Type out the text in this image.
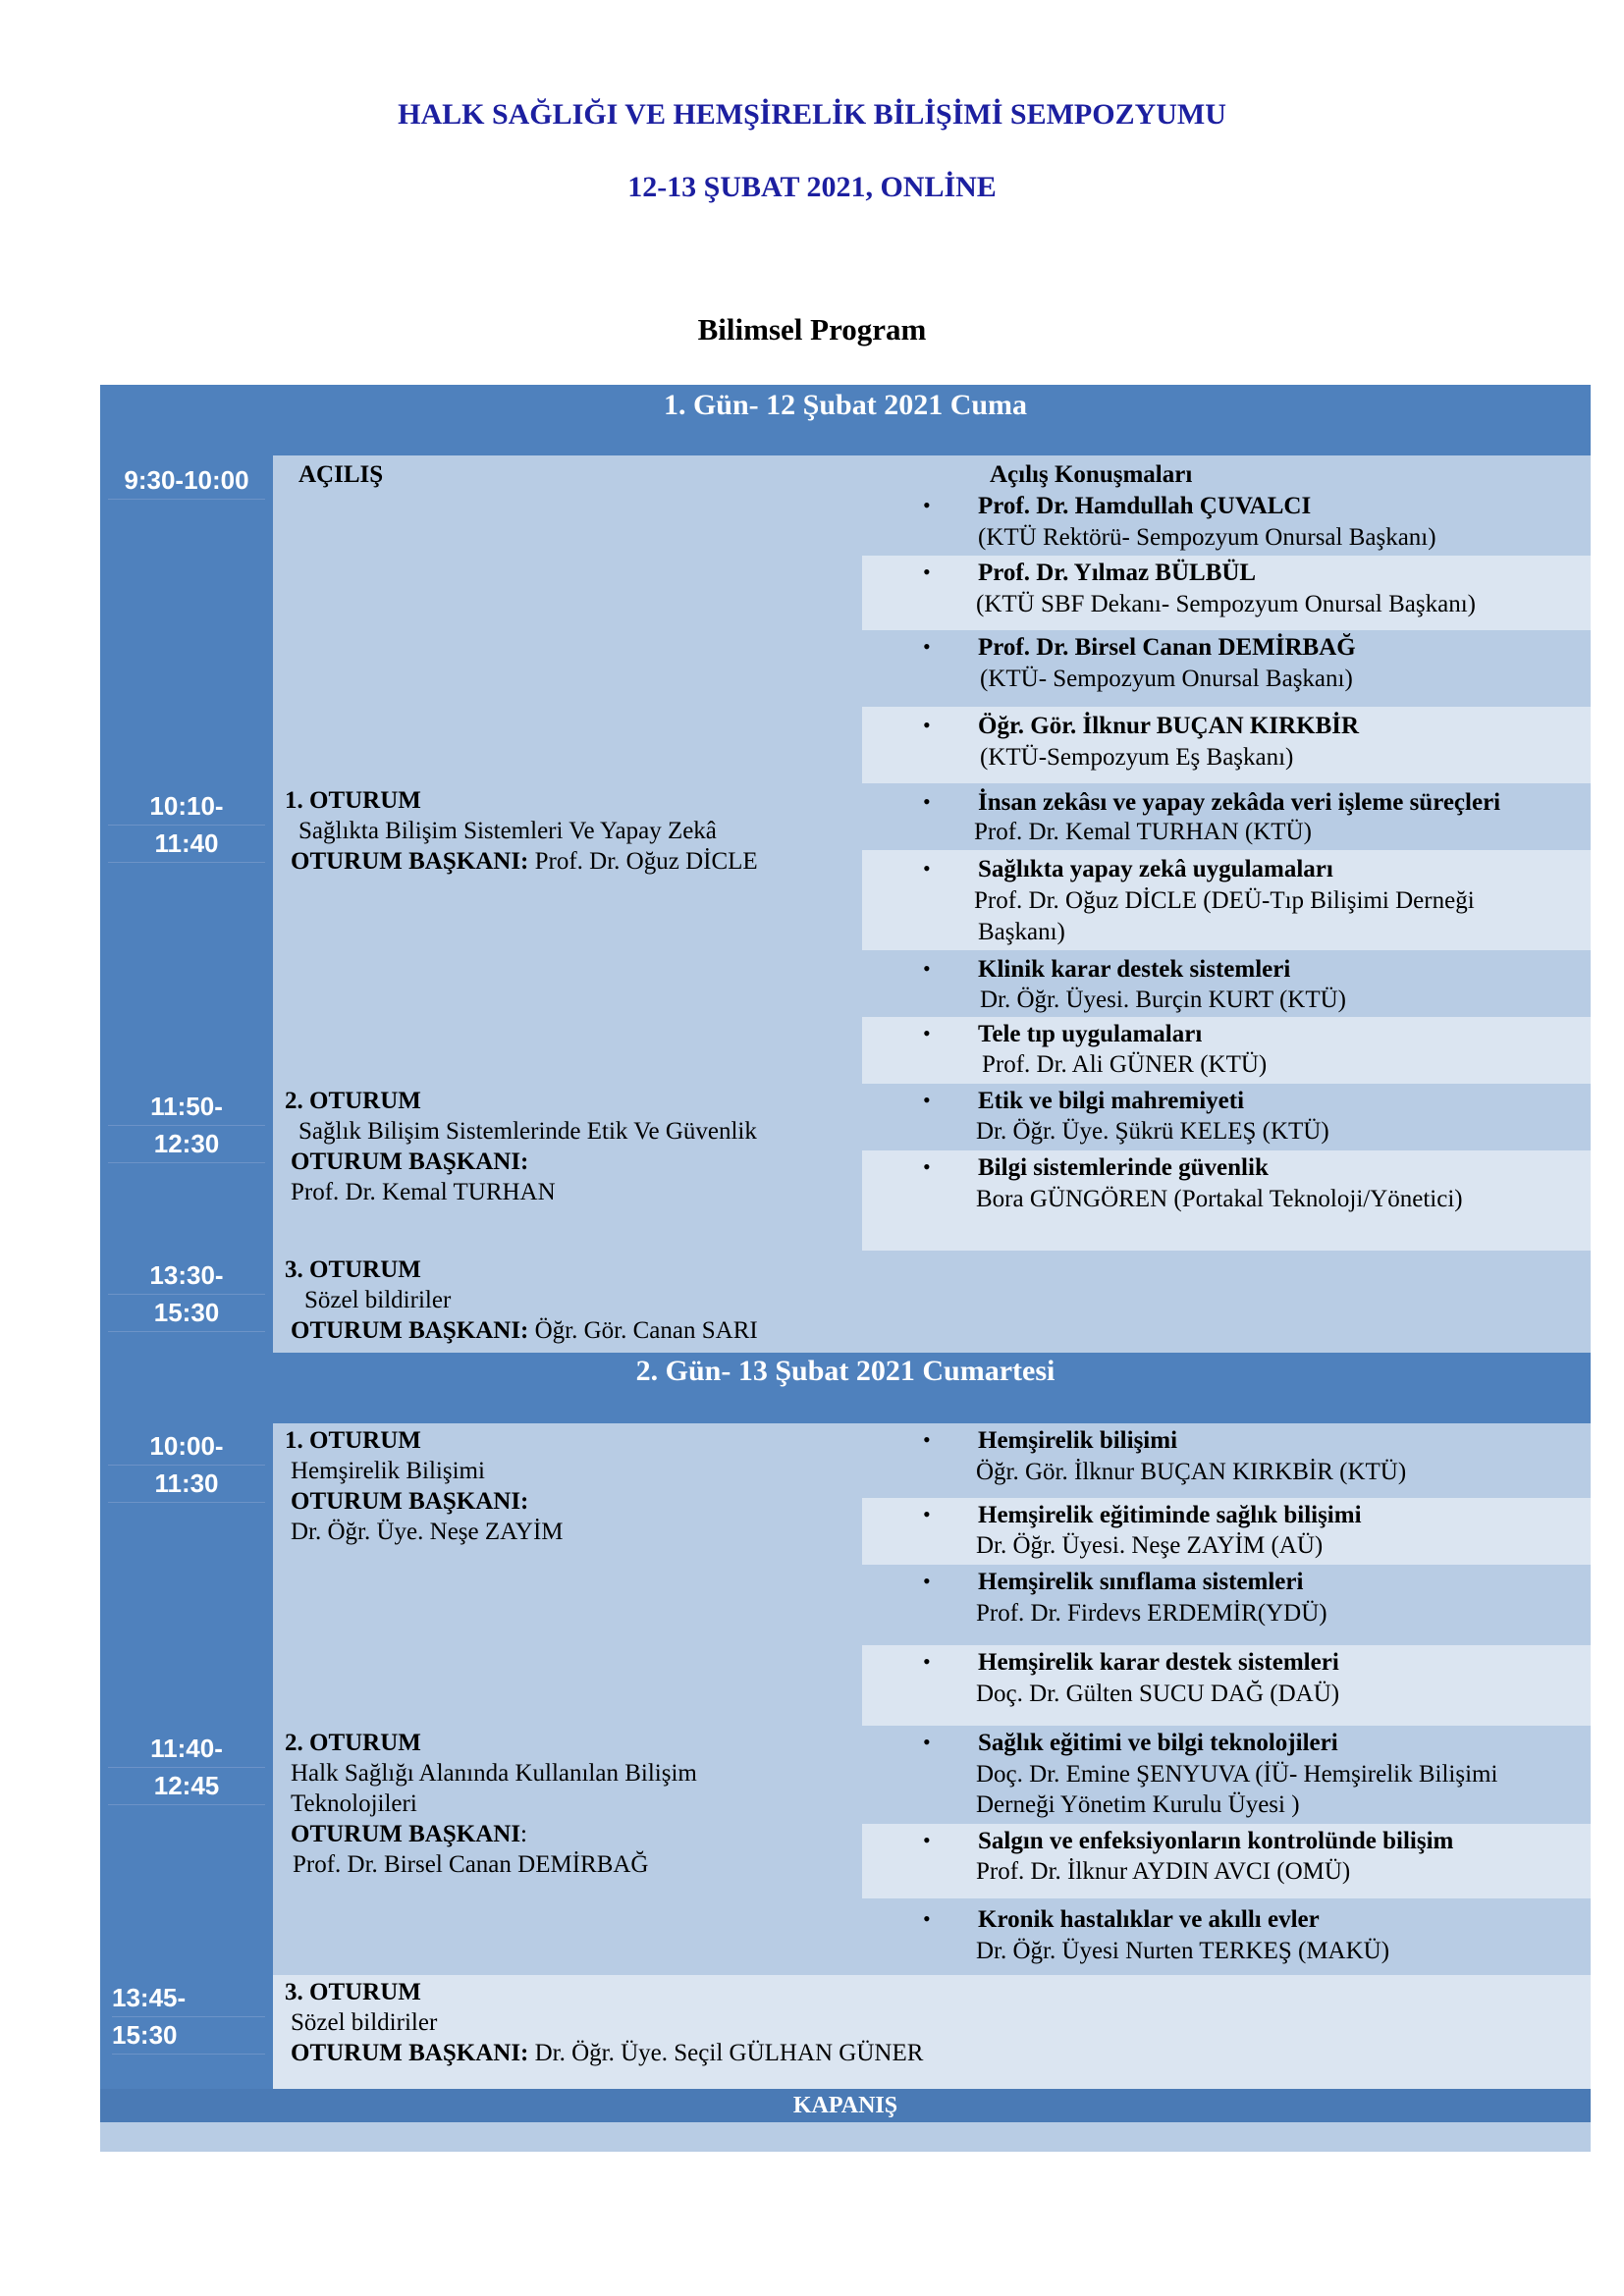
HALK SAĞLIĞI VE HEMŞİRELİK BİLİŞİMİ SEMPOZYUMU
12-13 ŞUBAT 2021, ONLİNE
Bilimsel Program
1. Gün- 12 Şubat 2021 Cuma
9:30-10:00	AÇILIŞ	Açılış Konuşmaları
• Prof. Dr. Hamdullah ÇUVALCI
(KTÜ Rektörü- Sempozyum Onursal Başkanı)
• Prof. Dr. Yılmaz BÜLBÜL
(KTÜ SBF Dekanı- Sempozyum Onursal Başkanı)
• Prof. Dr. Birsel Canan DEMİRBAĞ
(KTÜ- Sempozyum Onursal Başkanı)
• Öğr. Gör. İlknur BUÇAN KIRKBİR
(KTÜ-Sempozyum Eş Başkanı)
10:10-
11:40
1. OTURUM
Sağlıkta Bilişim Sistemleri Ve Yapay Zekâ
OTURUM BAŞKANI: Prof. Dr. Oğuz DİCLE
• İnsan zekâsı ve yapay zekâda veri işleme süreçleri
Prof. Dr. Kemal TURHAN (KTÜ)
• Sağlıkta yapay zekâ uygulamaları
Prof. Dr. Oğuz DİCLE (DEÜ-Tıp Bilişimi Derneği
Başkanı)
• Klinik karar destek sistemleri
Dr. Öğr. Üyesi. Burçin KURT (KTÜ)
• Tele tıp uygulamaları
Prof. Dr. Ali GÜNER (KTÜ)
11:50-
12:30
2. OTURUM
Sağlık Bilişim Sistemlerinde Etik Ve Güvenlik
OTURUM BAŞKANI:
Prof. Dr. Kemal TURHAN
• Etik ve bilgi mahremiyeti
Dr. Öğr. Üye. Şükrü KELEŞ (KTÜ)
• Bilgi sistemlerinde güvenlik
Bora GÜNGÖREN (Portakal Teknoloji/Yönetici)
13:30-
15:30
3. OTURUM
Sözel bildiriler
OTURUM BAŞKANI: Öğr. Gör. Canan SARI
2. Gün- 13 Şubat 2021 Cumartesi
10:00-
11:30
1. OTURUM
Hemşirelik Bilişimi
OTURUM BAŞKANI:
Dr. Öğr. Üye. Neşe ZAYİM
• Hemşirelik bilişimi
Öğr. Gör. İlknur BUÇAN KIRKBİR (KTÜ)
• Hemşirelik eğitiminde sağlık bilişimi
Dr. Öğr. Üyesi. Neşe ZAYİM (AÜ)
• Hemşirelik sınıflama sistemleri
Prof. Dr. Firdevs ERDEMİR(YDÜ)
• Hemşirelik karar destek sistemleri
Doç. Dr. Gülten SUCU DAĞ (DAÜ)
11:40-
12:45
2. OTURUM
Halk Sağlığı Alanında Kullanılan Bilişim
Teknolojileri
OTURUM BAŞKANI:
Prof. Dr. Birsel Canan DEMİRBAĞ
• Sağlık eğitimi ve bilgi teknolojileri
Doç. Dr. Emine ŞENYUVA (İÜ- Hemşirelik Bilişimi
Derneği Yönetim Kurulu Üyesi )
• Salgın ve enfeksiyonların kontrolünde bilişim
Prof. Dr. İlknur AYDIN AVCI (OMÜ)
• Kronik hastalıklar ve akıllı evler
Dr. Öğr. Üyesi Nurten TERKEŞ (MAKÜ)
13:45-
15:30
3. OTURUM
Sözel bildiriler
OTURUM BAŞKANI: Dr. Öğr. Üye. Seçil GÜLHAN GÜNER
KAPANIŞ
